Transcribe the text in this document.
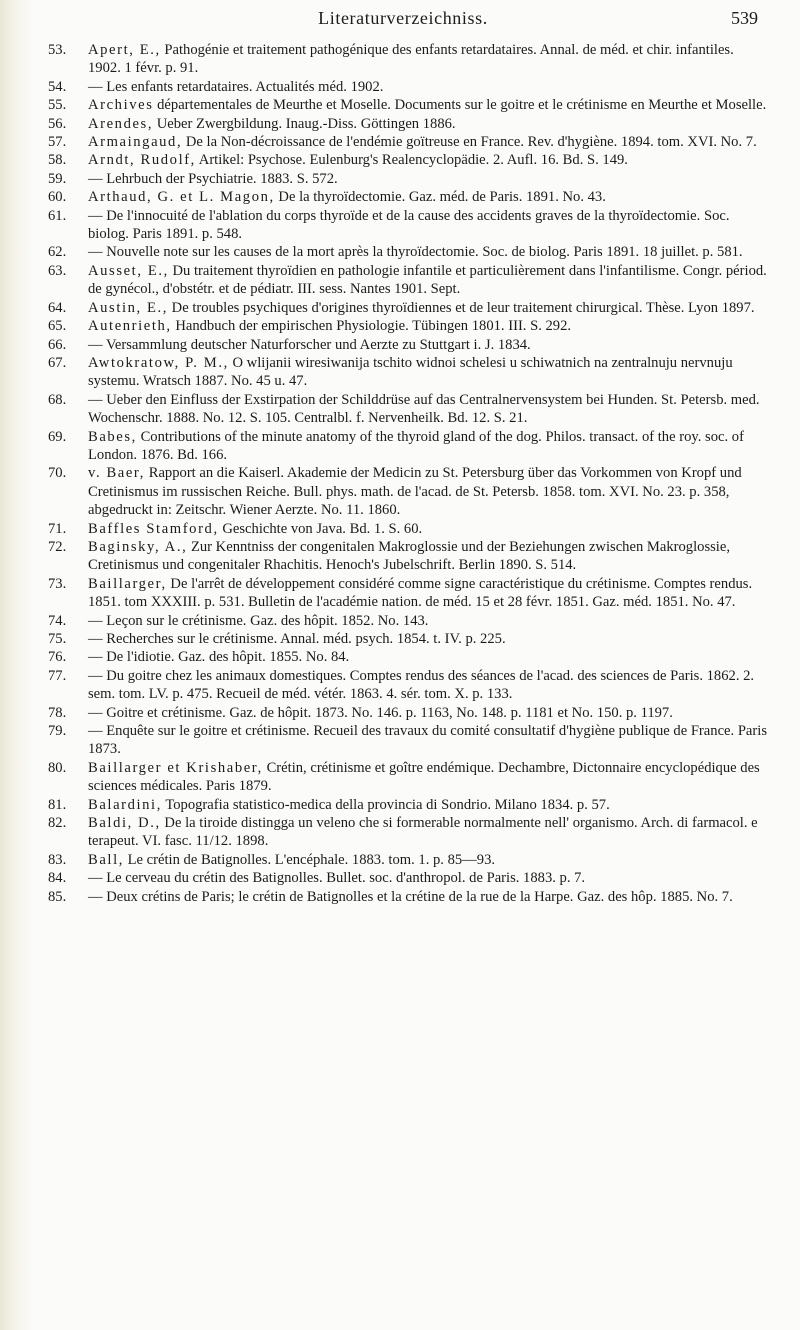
Literaturverzeichniss.	539

53. Apert, E., Pathogénie et traitement pathogénique des enfants retardataires. Annal. de méd. et chir. infantiles. 1902. 1 févr. p. 91.

54. — Les enfants retardataires. Actualités méd. 1902.

55. Archives départementales de Meurthe et Moselle. Documents sur le goitre et le crétinisme en Meurthe et Moselle.

56. Arendes, Ueber Zwergbildung. Inaug.-Diss. Göttingen 1886.

57. Armaingaud, De la Non-décroissance de l'endémie goïtreuse en France. Rev. d'hygiène. 1894. tom. XVI. No. 7.

58. Arndt, Rudolf, Artikel: Psychose. Eulenburg's Realencyclopädie. 2. Aufl. 16. Bd. S. 149.

59. — Lehrbuch der Psychiatrie. 1883. S. 572.

60. Arthaud, G. et L. Magon, De la thyroïdectomie. Gaz. méd. de Paris. 1891. No. 43.

61. — De l'innocuité de l'ablation du corps thyroïde et de la cause des accidents graves de la thyroïdectomie. Soc. biolog. Paris 1891. p. 548.

62. — Nouvelle note sur les causes de la mort après la thyroïdectomie. Soc. de biolog. Paris 1891. 18 juillet. p. 581.

63. Ausset, E., Du traitement thyroïdien en pathologie infantile et particulièrement dans l'infantilisme. Congr. périod. de gynécol., d'obstétr. et de pédiatr. III. sess. Nantes 1901. Sept.

64. Austin, E., De troubles psychiques d'origines thyroïdiennes et de leur traitement chirurgical. Thèse. Lyon 1897.

65. Autenrieth, Handbuch der empirischen Physiologie. Tübingen 1801. III. S. 292.

66. — Versammlung deutscher Naturforscher und Aerzte zu Stuttgart i. J. 1834.

67. Awtokratow, P. M., O wlijanii wiresiwanija tschito widnoi schelesi u schiwatnich na zentralnuju nervnuju systemu. Wratsch 1887. No. 45 u. 47.

68. — Ueber den Einfluss der Exstirpation der Schilddrüse auf das Centralnervensystem bei Hunden. St. Petersb. med. Wochenschr. 1888. No. 12. S. 105. Centralbl. f. Nervenheilk. Bd. 12. S. 21.

69. Babes, Contributions of the minute anatomy of the thyroid gland of the dog. Philos. transact. of the roy. soc. of London. 1876. Bd. 166.

70. v. Baer, Rapport an die Kaiserl. Akademie der Medicin zu St. Petersburg über das Vorkommen von Kropf und Cretinismus im russischen Reiche. Bull. phys. math. de l'acad. de St. Petersb. 1858. tom. XVI. No. 23. p. 358, abgedruckt in: Zeitschr. Wiener Aerzte. No. 11. 1860.

71. Baffles Stamford, Geschichte von Java. Bd. 1. S. 60.

72. Baginsky, A., Zur Kenntniss der congenitalen Makroglossie und der Beziehungen zwischen Makroglossie, Cretinismus und congenitaler Rhachitis. Henoch's Jubelschrift. Berlin 1890. S. 514.

73. Baillarger, De l'arrêt de développement considéré comme signe caractéristique du crétinisme. Comptes rendus. 1851. tom XXXIII. p. 531. Bulletin de l'académie nation. de méd. 15 et 28 févr. 1851. Gaz. méd. 1851. No. 47.

74. — Leçon sur le crétinisme. Gaz. des hôpit. 1852. No. 143.

75. — Recherches sur le crétinisme. Annal. méd. psych. 1854. t. IV. p. 225.

76. — De l'idiotie. Gaz. des hôpit. 1855. No. 84.

77. — Du goitre chez les animaux domestiques. Comptes rendus des séances de l'acad. des sciences de Paris. 1862. 2. sem. tom. LV. p. 475. Recueil de méd. vétér. 1863. 4. sér. tom. X. p. 133.

78. — Goitre et crétinisme. Gaz. de hôpit. 1873. No. 146. p. 1163, No. 148. p. 1181 et No. 150. p. 1197.

79. — Enquête sur le goitre et crétinisme. Recueil des travaux du comité consultatif d'hygiène publique de France. Paris 1873.

80. Baillarger et Krishaber, Crétin, crétinisme et goître endémique. Dechambre, Dictonnaire encyclopédique des sciences médicales. Paris 1879.

81. Balardini, Topografia statistico-medica della provincia di Sondrio. Milano 1834. p. 57.

82. Baldi, D., De la tiroide distingga un veleno che si formerable normalmente nell' organismo. Arch. di farmacol. e terapeut. VI. fasc. 11/12. 1898.

83. Ball, Le crétin de Batignolles. L'encéphale. 1883. tom. 1. p. 85—93.

84. — Le cerveau du crétin des Batignolles. Bullet. soc. d'anthropol. de Paris. 1883. p. 7.

85. — Deux crétins de Paris; le crétin de Batignolles et la crétine de la rue de la Harpe. Gaz. des hôp. 1885. No. 7.
